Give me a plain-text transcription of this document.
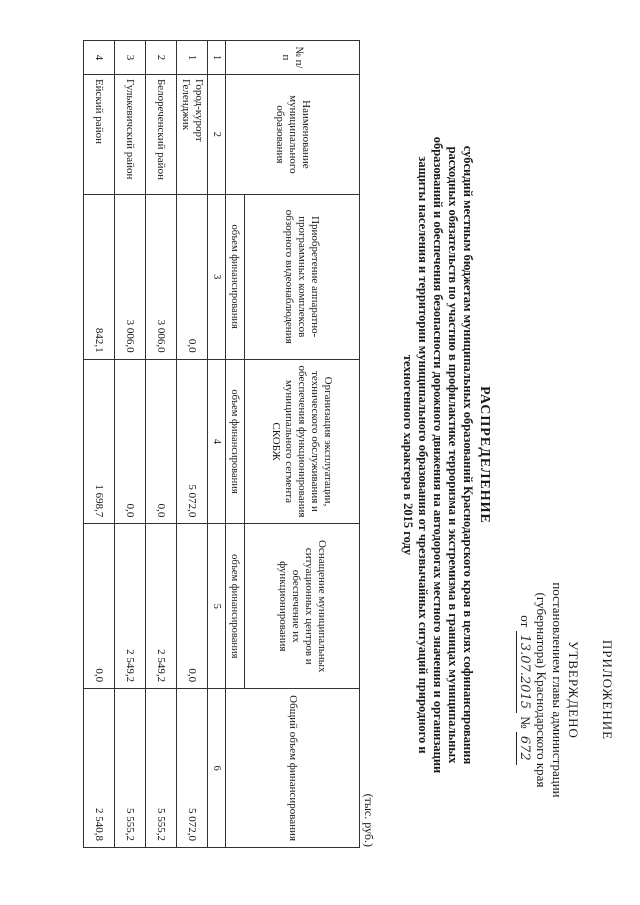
ПРИЛОЖЕНИЕ
УТВЕРЖДЕНО
постановлением главы администрации
(губернатора) Краснодарского края
от 13.07.2015 № 672
РАСПРЕДЕЛЕНИЕ
субсидий местным бюджетам муниципальных образований Краснодарского края в целях софинансирования
расходных обязательств по участию в профилактике терроризма и экстремизма в границах муниципальных
образований и обеспечения безопасности дорожного движения на автодорогах местного значения и организации
защиты населения и территории муниципального образования от чрезвычайных ситуаций природного и
техногенного характера в 2015 году
(тыс. руб.)
№ п/п	Наименование муниципального образования	Приобретение аппаратно-программных комплексов обзорного видеонаблюдения	Организация эксплуатации, технического обслуживания и обеспечения функционирования муниципального сегмента СКОБЖ	Оснащение муниципальных ситуационных центров и обеспечение их функционирования	Общий объем финансирования
		объем финансирования	объем финансирования	объем финансирования	
1	2	3	4	5	6
1	Город-курорт Геленджик	0,0	5 072,0	0,0	5 072,0
2	Белореченский район	3 006,0	0,0	2 549,2	5 555,2
3	Гулькевичский район	3 006,0	0,0	2 549,2	5 555,2
4	Ейский район	842,1	1 698,7	0,0	2 540,8
